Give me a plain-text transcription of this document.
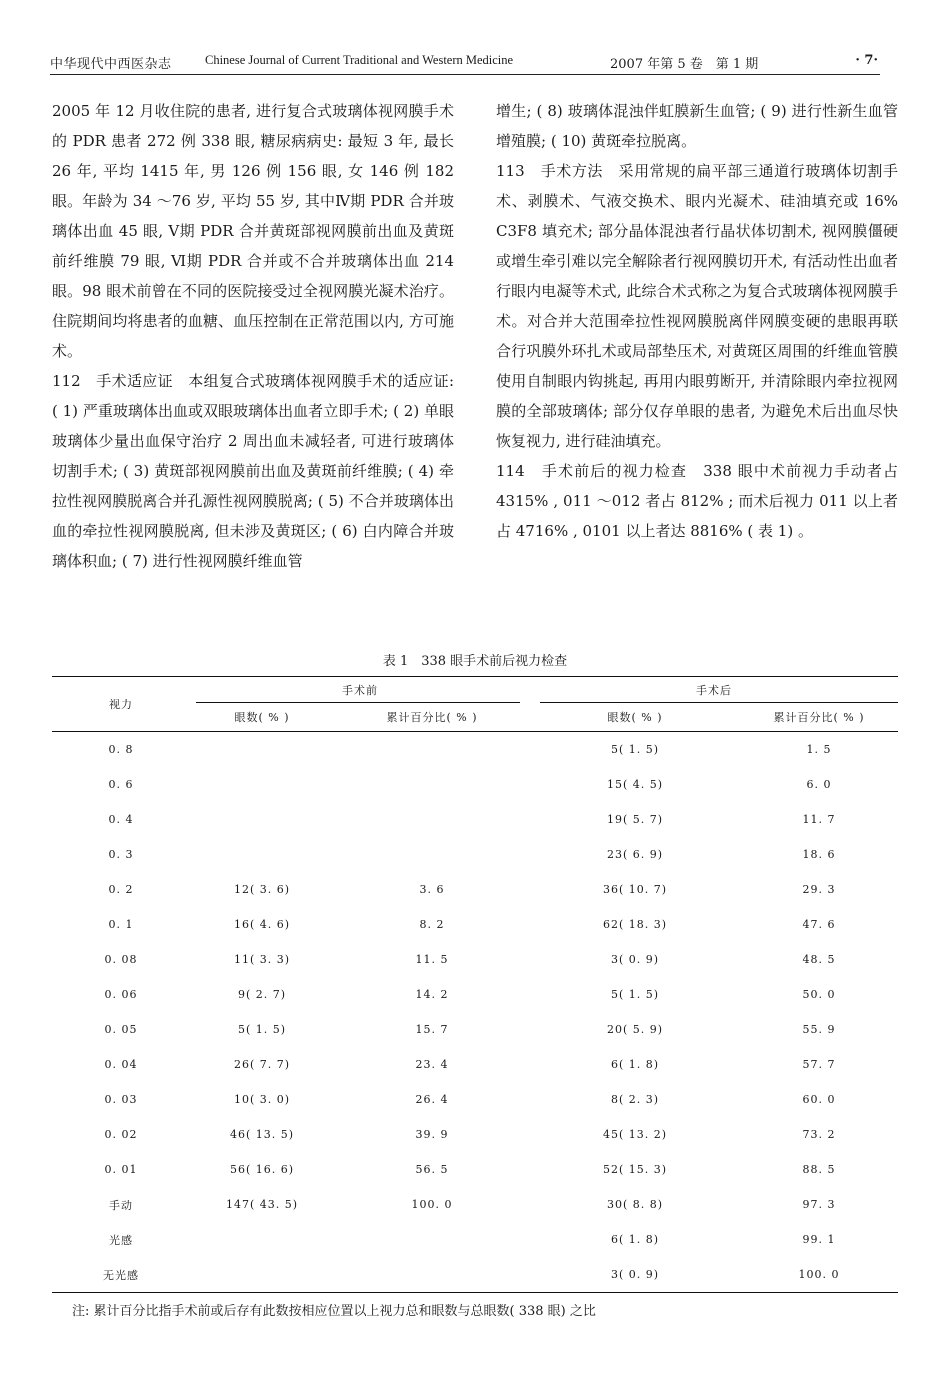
中华现代中西医杂志	Chinese Journal of Current Traditional and Western Medicine	2007 年第 5 卷　第 1 期	· 7·

2005 年 12 月收住院的患者, 进行复合式玻璃体视网膜手术的 PDR 患者 272 例 338 眼, 糖尿病病史: 最短 3 年, 最长 26 年, 平均 1415 年, 男 126 例 156 眼, 女 146 例 182 眼。年龄为 34 ～76 岁, 平均 55 岁, 其中Ⅳ期 PDR 合并玻璃体出血 45 眼, Ⅴ期 PDR 合并黄斑部视网膜前出血及黄斑前纤维膜 79 眼, Ⅵ期 PDR 合并或不合并玻璃体出血 214 眼。98 眼术前曾在不同的医院接受过全视网膜光凝术治疗。住院期间均将患者的血糖、血压控制在正常范围以内, 方可施术。

112　手术适应证　本组复合式玻璃体视网膜手术的适应证: ( 1) 严重玻璃体出血或双眼玻璃体出血者立即手术; ( 2) 单眼玻璃体少量出血保守治疗 2 周出血未减轻者, 可进行玻璃体切割手术; ( 3) 黄斑部视网膜前出血及黄斑前纤维膜; ( 4) 牵拉性视网膜脱离合并孔源性视网膜脱离; ( 5) 不合并玻璃体出血的牵拉性视网膜脱离, 但未涉及黄斑区; ( 6) 白内障合并玻璃体积血; ( 7) 进行性视网膜纤维血管

增生; ( 8) 玻璃体混浊伴虹膜新生血管; ( 9) 进行性新生血管增殖膜; ( 10) 黄斑牵拉脱离。

113　手术方法　采用常规的扁平部三通道行玻璃体切割手术、剥膜术、气液交换术、眼内光凝术、硅油填充或 16% C3F8 填充术; 部分晶体混浊者行晶状体切割术, 视网膜僵硬或增生牵引难以完全解除者行视网膜切开术, 有活动性出血者行眼内电凝等术式, 此综合术式称之为复合式玻璃体视网膜手术。对合并大范围牵拉性视网膜脱离伴网膜变硬的患眼再联合行巩膜外环扎术或局部垫压术, 对黄斑区周围的纤维血管膜使用自制眼内钩挑起, 再用内眼剪断开, 并清除眼内牵拉视网膜的全部玻璃体; 部分仅存单眼的患者, 为避免术后出血尽快恢复视力, 进行硅油填充。

114　手术前后的视力检查　338 眼中术前视力手动者占 4315% , 011 ～012 者占 812% ; 而术后视力 011 以上者占 4716% , 0101 以上者达 8816% ( 表 1) 。

表 1　338 眼手术前后视力检查
视力	手术前		手术后	

	眼数( % )	累计百分比( % )	眼数( % )	累计百分比( % )
0. 8			5( 1. 5)	1. 5
0. 6			15( 4. 5)	6. 0
0. 4			19( 5. 7)	11. 7
0. 3			23( 6. 9)	18. 6
0. 2	12( 3. 6)	3. 6	36( 10. 7)	29. 3
0. 1	16( 4. 6)	8. 2	62( 18. 3)	47. 6
0. 08	11( 3. 3)	11. 5	3( 0. 9)	48. 5
0. 06	9( 2. 7)	14. 2	5( 1. 5)	50. 0
0. 05	5( 1. 5)	15. 7	20( 5. 9)	55. 9
0. 04	26( 7. 7)	23. 4	6( 1. 8)	57. 7
0. 03	10( 3. 0)	26. 4	8( 2. 3)	60. 0
0. 02	46( 13. 5)	39. 9	45( 13. 2)	73. 2
0. 01	56( 16. 6)	56. 5	52( 15. 3)	88. 5
手动	147( 43. 5)	100. 0	30( 8. 8)	97. 3
光感			6( 1. 8)	99. 1
无光感			3( 0. 9)	100. 0
注: 累计百分比指手术前或后存有此数按相应位置以上视力总和眼数与总眼数( 338 眼) 之比
